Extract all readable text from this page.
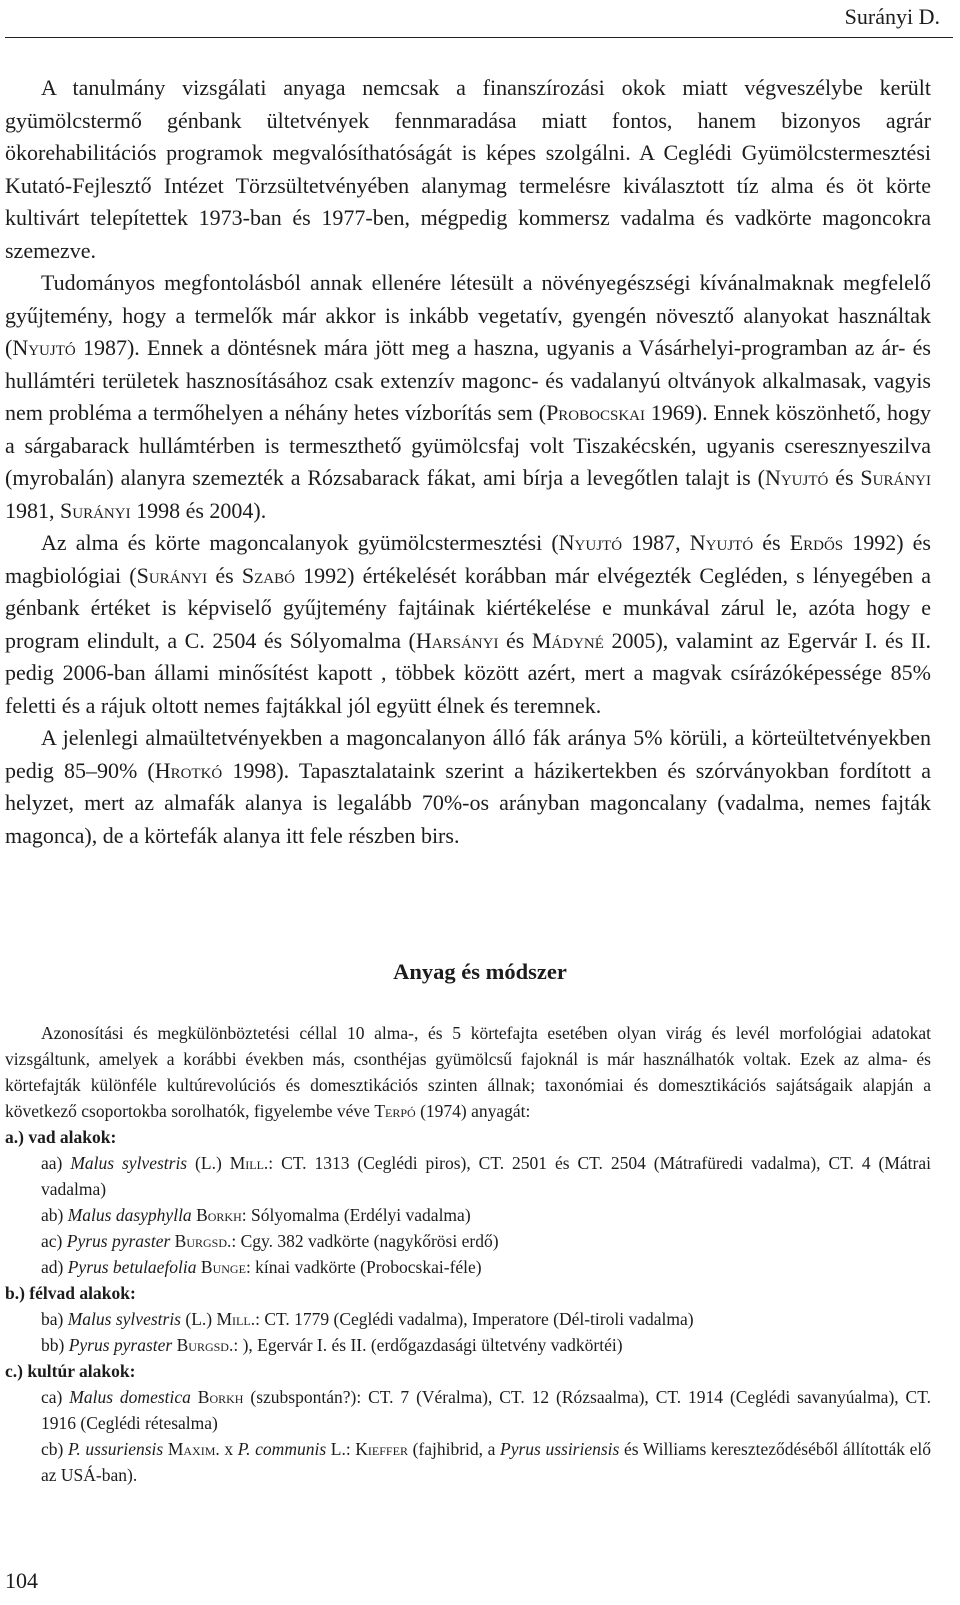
Surányi D.

A tanulmány vizsgálati anyaga nemcsak a finanszírozási okok miatt végveszélybe került gyümölcstermő génbank ültetvények fennmaradása miatt fontos, hanem bizonyos agrár ökorehabilitációs programok megvalósíthatóságát is képes szolgálni. A Ceglédi Gyümölcstermesztési Kutató-Fejlesztő Intézet Törzsültetvényében alanymag termelésre kiválasztott tíz alma és öt körte kultivárt telepítettek 1973-ban és 1977-ben, mégpedig kommersz vadalma és vadkörte magoncokra szemezve.

Tudományos megfontolásból annak ellenére létesült a növényegészségi kívánalmaknak megfelelő gyűjtemény, hogy a termelők már akkor is inkább vegetatív, gyengén növesztő alanyokat használtak (Nyujtó 1987). Ennek a döntésnek mára jött meg a haszna, ugyanis a Vásárhelyi-programban az ár- és hullámtéri területek hasznosításához csak extenzív magonc- és vadalanyú oltványok alkalmasak, vagyis nem probléma a termőhelyen a néhány hetes vízborítás sem (Probocskai 1969). Ennek köszönhető, hogy a sárgabarack hullámtérben is termeszthető gyümölcsfaj volt Tiszakécskén, ugyanis cseresznyeszilva (myrobalán) alanyra szemezték a Rózsabarack fákat, ami bírja a levegőtlen talajt is (Nyujtó és Surányi 1981, Surányi 1998 és 2004).

Az alma és körte magoncalanyok gyümölcstermesztési (Nyujtó 1987, Nyujtó és Erdős 1992) és magbiológiai (Surányi és Szabó 1992) értékelését korábban már elvégezték Cegléden, s lényegében a génbank értéket is képviselő gyűjtemény fajtáinak kiértékelése e munkával zárul le, azóta hogy e program elindult, a C. 2504 és Sólyomalma (Harsányi és Mádyné 2005), valamint az Egervár I. és II. pedig 2006-ban állami minősítést kapott , többek között azért, mert a magvak csírázóképessége 85% feletti és a rájuk oltott nemes fajtákkal jól együtt élnek és teremnek.

A jelenlegi almaültetvényekben a magoncalanyon álló fák aránya 5% körüli, a körteültetvényekben pedig 85–90% (Hrotkó 1998). Tapasztalataink szerint a házikertekben és szórványokban fordított a helyzet, mert az almafák alanya is legalább 70%-os arányban magoncalany (vadalma, nemes fajták magonca), de a körtefák alanya itt fele részben birs.

Anyag és módszer

Azonosítási és megkülönböztetési céllal 10 alma-, és 5 körtefajta esetében olyan virág és levél morfológiai adatokat vizsgáltunk, amelyek a korábbi években más, csonthéjas gyümölcsű fajoknál is már használhatók voltak. Ezek az alma- és körtefajták különféle kultúrevolúciós és domesztikációs szinten állnak; taxonómiai és domesztikációs sajátságaik alapján a következő csoportokba sorolhatók, figyelembe véve Terpó (1974) anyagát:

a.) vad alakok:

aa) Malus sylvestris (L.) Mill.: CT. 1313 (Ceglédi piros), CT. 2501 és CT. 2504 (Mátrafüredi vadalma), CT. 4 (Mátrai vadalma)

ab) Malus dasyphylla Borkh: Sólyomalma (Erdélyi vadalma)

ac) Pyrus pyraster Burgsd.: Cgy. 382 vadkörte (nagykőrösi erdő)

ad) Pyrus betulaefolia Bunge: kínai vadkörte (Probocskai-féle)

b.) félvad alakok:

ba) Malus sylvestris (L.) Mill.: CT. 1779 (Ceglédi vadalma), Imperatore (Dél-tiroli vadalma)

bb) Pyrus pyraster Burgsd.: ), Egervár I. és II. (erdőgazdasági ültetvény vadkörtéi)

c.) kultúr alakok:

ca) Malus domestica Borkh (szubspontán?): CT. 7 (Véralma), CT. 12 (Rózsaalma), CT. 1914 (Ceglédi savanyúalma), CT. 1916 (Ceglédi rétesalma)

cb) P. ussuriensis Maxim. x P. communis L.: Kieffer (fajhibrid, a Pyrus ussiriensis és Williams kereszteződéséből állították elő az USÁ-ban).

104
